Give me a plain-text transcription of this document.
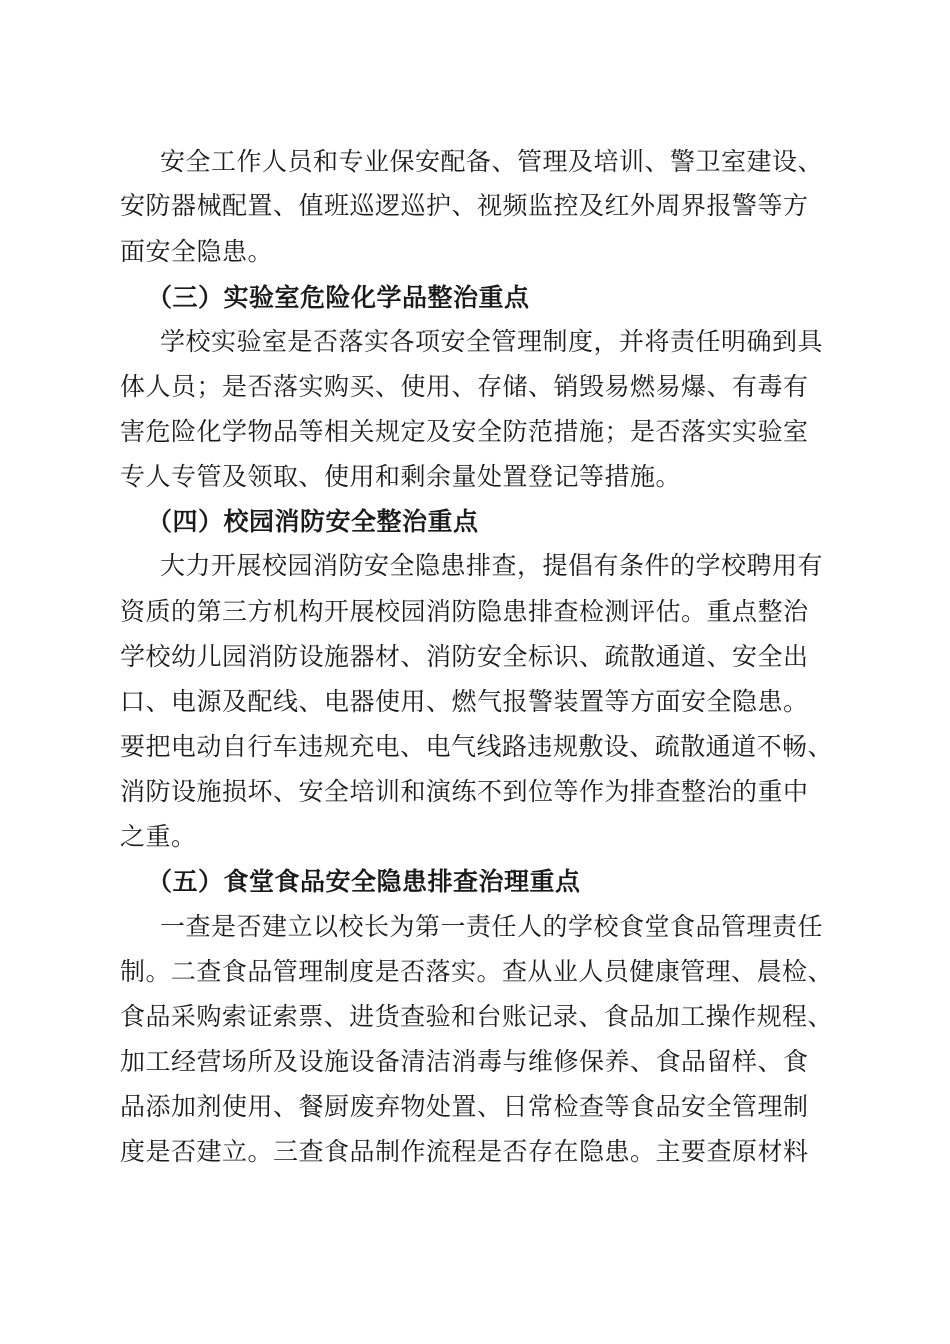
安全工作人员和专业保安配备、管理及培训、警卫室建设、
安防器械配置、值班巡逻巡护、视频监控及红外周界报警等方
面安全隐患。
（三）实验室危险化学品整治重点
学校实验室是否落实各项安全管理制度，并将责任明确到具
体人员；是否落实购买、使用、存储、销毁易燃易爆、有毒有
害危险化学物品等相关规定及安全防范措施；是否落实实验室
专人专管及领取、使用和剩余量处置登记等措施。
（四）校园消防安全整治重点
大力开展校园消防安全隐患排查，提倡有条件的学校聘用有
资质的第三方机构开展校园消防隐患排查检测评估。重点整治
学校幼儿园消防设施器材、消防安全标识、疏散通道、安全出
口、电源及配线、电器使用、燃气报警装置等方面安全隐患。
要把电动自行车违规充电、电气线路违规敷设、疏散通道不畅、
消防设施损坏、安全培训和演练不到位等作为排查整治的重中
之重。
（五）食堂食品安全隐患排查治理重点
一查是否建立以校长为第一责任人的学校食堂食品管理责任
制。二查食品管理制度是否落实。查从业人员健康管理、晨检、
食品采购索证索票、进货查验和台账记录、食品加工操作规程、
加工经营场所及设施设备清洁消毒与维修保养、食品留样、食
品添加剂使用、餐厨废弃物处置、日常检查等食品安全管理制
度是否建立。三查食品制作流程是否存在隐患。主要查原材料
